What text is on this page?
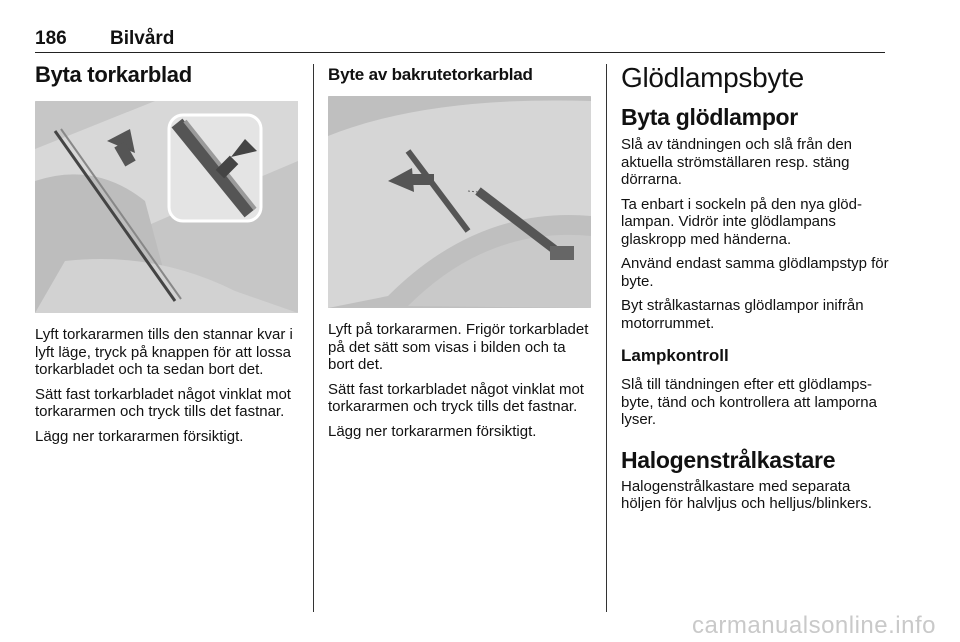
186 Bilvård
Byta torkarblad

Lyft torkararmen tills den stannar kvar i lyft läge, tryck på knappen för att lossa torkarbladet och ta sedan bort det.

Sätt fast torkarbladet något vinklat mot torkararmen och tryck tills det fastnar.

Lägg ner torkararmen försiktigt.

Byte av bakrutetorkarblad

Lyft på torkararmen. Frigör torkarbladet på det sätt som visas i bilden och ta bort det.

Sätt fast torkarbladet något vinklat mot torkararmen och tryck tills det fastnar.

Lägg ner torkararmen försiktigt.

Glödlampsbyte
Byta glödlampor

Slå av tändningen och slå från den aktuella strömställaren resp. stäng dörrarna.

Ta enbart i sockeln på den nya glödlampan. Vidrör inte glödlampans glaskropp med händerna.

Använd endast samma glödlampstyp för byte.

Byt strålkastarnas glödlampor inifrån motorrummet.

Lampkontroll

Slå till tändningen efter ett glödlampsbyte, tänd och kontrollera att lamporna lyser.

Halogenstrålkastare

Halogenstrålkastare med separata höljen för halvljus och helljus/blinkers.

carmanualsonline.info
